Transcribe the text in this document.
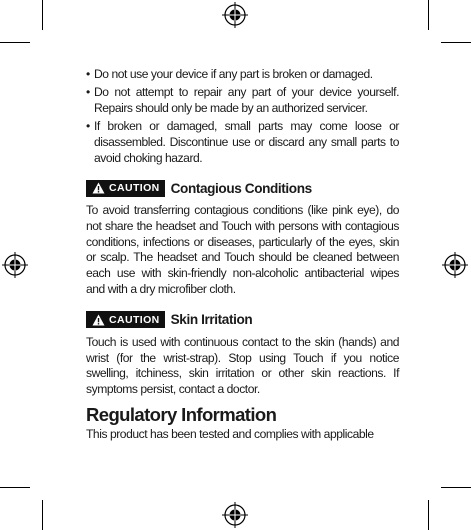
• Do not use your device if any part is broken or damaged.
• Do not attempt to repair any part of your device yourself. Repairs should only be made by an authorized servicer.
• If broken or damaged, small parts may come loose or disassembled. Discontinue use or discard any small parts to avoid choking hazard.
CAUTION Contagious Conditions

To avoid transferring contagious conditions (like pink eye), do not share the headset and Touch with persons with contagious conditions, infections or diseases, particularly of the eyes, skin or scalp. The headset and Touch should be cleaned between each use with skin-friendly non-alcoholic antibacterial wipes and with a dry microfiber cloth.

CAUTION Skin Irritation

Touch is used with continuous contact to the skin (hands) and wrist (for the wrist-strap). Stop using Touch if you notice swelling, itchiness, skin irritation or other skin reactions. If symptoms persist, contact a doctor.

Regulatory Information

This product has been tested and complies with applicable
